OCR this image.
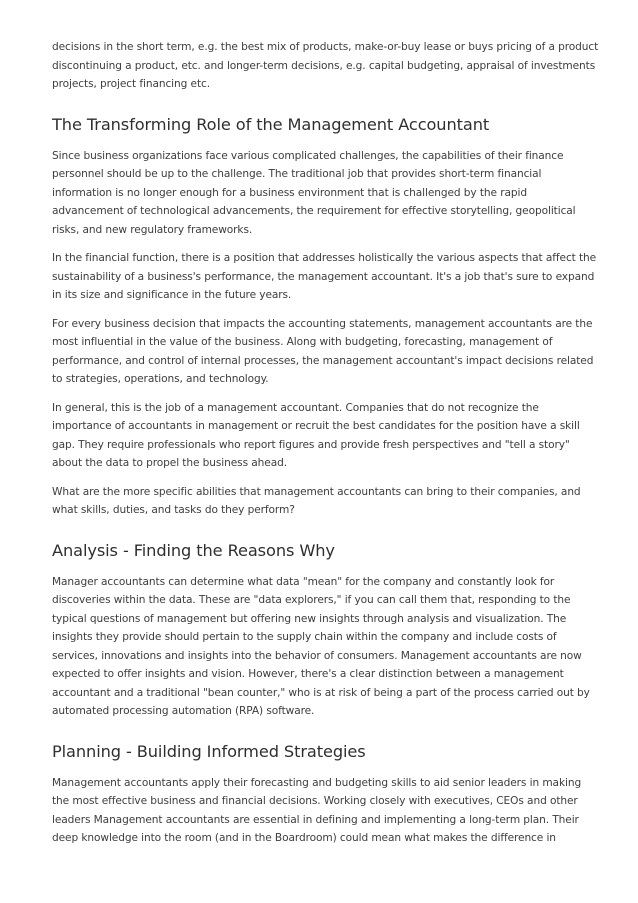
decisions in the short term, e.g. the best mix of products, make-or-buy lease or buys pricing of a product discontinuing a product, etc. and longer-term decisions, e.g. capital budgeting, appraisal of investments projects, project financing etc.

The Transforming Role of the Management Accountant

Since business organizations face various complicated challenges, the capabilities of their finance personnel should be up to the challenge. The traditional job that provides short-term financial information is no longer enough for a business environment that is challenged by the rapid advancement of technological advancements, the requirement for effective storytelling, geopolitical risks, and new regulatory frameworks.

In the financial function, there is a position that addresses holistically the various aspects that affect the sustainability of a business's performance, the management accountant. It's a job that's sure to expand in its size and significance in the future years.

For every business decision that impacts the accounting statements, management accountants are the most influential in the value of the business. Along with budgeting, forecasting, management of performance, and control of internal processes, the management accountant's impact decisions related to strategies, operations, and technology.

In general, this is the job of a management accountant. Companies that do not recognize the importance of accountants in management or recruit the best candidates for the position have a skill gap. They require professionals who report figures and provide fresh perspectives and "tell a story" about the data to propel the business ahead.

What are the more specific abilities that management accountants can bring to their companies, and what skills, duties, and tasks do they perform?

Analysis - Finding the Reasons Why

Manager accountants can determine what data "mean" for the company and constantly look for discoveries within the data. These are "data explorers," if you can call them that, responding to the typical questions of management but offering new insights through analysis and visualization. The insights they provide should pertain to the supply chain within the company and include costs of services, innovations and insights into the behavior of consumers. Management accountants are now expected to offer insights and vision. However, there's a clear distinction between a management accountant and a traditional "bean counter," who is at risk of being a part of the process carried out by automated processing automation (RPA) software.

Planning - Building Informed Strategies

Management accountants apply their forecasting and budgeting skills to aid senior leaders in making the most effective business and financial decisions. Working closely with executives, CEOs and other leaders Management accountants are essential in defining and implementing a long-term plan. Their deep knowledge into the room (and in the Boardroom) could mean what makes the difference in
